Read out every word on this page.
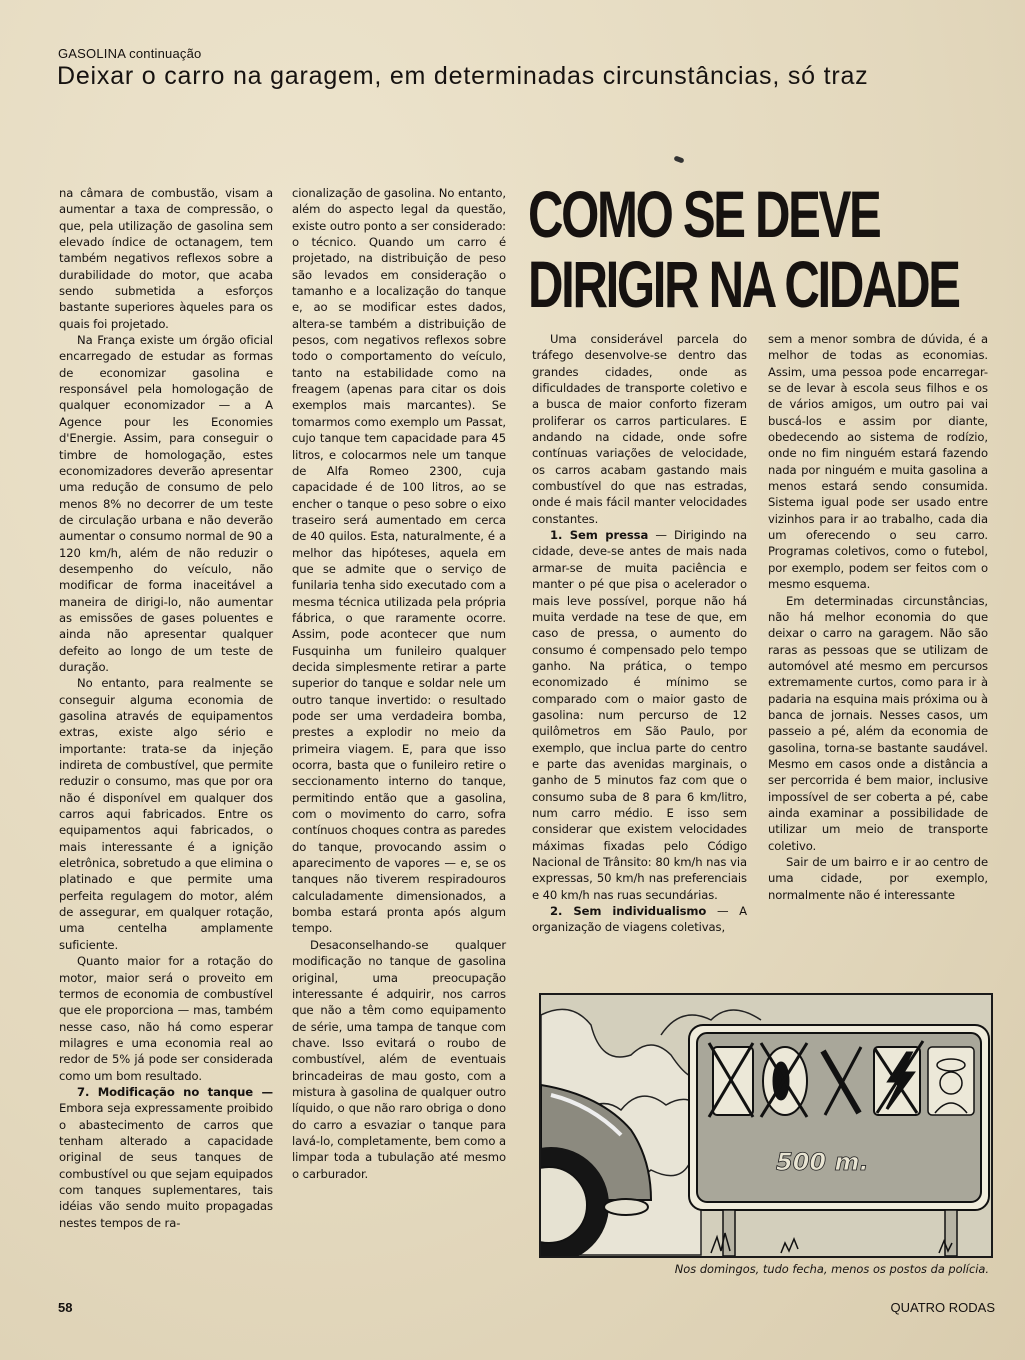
GASOLINA continuação
Deixar o carro na garagem, em determinadas circunstâncias, só traz

na câmara de combustão, visam a aumentar a taxa de compressão, o que, pela utilização de gasolina sem elevado índice de octanagem, tem também negativos reflexos sobre a durabilidade do motor, que acaba sendo submetida a esforços bastante superiores àqueles para os quais foi projetado.

Na França existe um órgão oficial encarregado de estudar as formas de economizar gasolina e responsável pela homologação de qualquer economizador — a A Agence pour les Economies d'Energie. Assim, para conseguir o timbre de homologação, estes economizadores deverão apresentar uma redução de consumo de pelo menos 8% no decorrer de um teste de circulação urbana e não deverão aumentar o consumo normal de 90 a 120 km/h, além de não reduzir o desempenho do veículo, não modificar de forma inaceitável a maneira de dirigi-lo, não aumentar as emissões de gases poluentes e ainda não apresentar qualquer defeito ao longo de um teste de duração.

No entanto, para realmente se conseguir alguma economia de gasolina através de equipamentos extras, existe algo sério e importante: trata-se da injeção indireta de combustível, que permite reduzir o consumo, mas que por ora não é disponível em qualquer dos carros aqui fabricados. Entre os equipamentos aqui fabricados, o mais interessante é a ignição eletrônica, sobretudo a que elimina o platinado e que permite uma perfeita regulagem do motor, além de assegurar, em qualquer rotação, uma centelha amplamente suficiente.

Quanto maior for a rotação do motor, maior será o proveito em termos de economia de combustível que ele proporciona — mas, também nesse caso, não há como esperar milagres e uma economia real ao redor de 5% já pode ser considerada como um bom resultado.

7. Modificação no tanque — Embora seja expressamente proibido o abastecimento de carros que tenham alterado a capacidade original de seus tanques de combustível ou que sejam equipados com tanques suplementares, tais idéias vão sendo muito propagadas nestes tempos de ra-

cionalização de gasolina. No entanto, além do aspecto legal da questão, existe outro ponto a ser considerado: o técnico. Quando um carro é projetado, na distribuição de peso são levados em consideração o tamanho e a localização do tanque e, ao se modificar estes dados, altera-se também a distribuição de pesos, com negativos reflexos sobre todo o comportamento do veículo, tanto na estabilidade como na freagem (apenas para citar os dois exemplos mais marcantes). Se tomarmos como exemplo um Passat, cujo tanque tem capacidade para 45 litros, e colocarmos nele um tanque de Alfa Romeo 2300, cuja capacidade é de 100 litros, ao se encher o tanque o peso sobre o eixo traseiro será aumentado em cerca de 40 quilos. Esta, naturalmente, é a melhor das hipóteses, aquela em que se admite que o serviço de funilaria tenha sido executado com a mesma técnica utilizada pela própria fábrica, o que raramente ocorre. Assim, pode acontecer que num Fusquinha um funileiro qualquer decida simplesmente retirar a parte superior do tanque e soldar nele um outro tanque invertido: o resultado pode ser uma verdadeira bomba, prestes a explodir no meio da primeira viagem. E, para que isso ocorra, basta que o funileiro retire o seccionamento interno do tanque, permitindo então que a gasolina, com o movimento do carro, sofra contínuos choques contra as paredes do tanque, provocando assim o aparecimento de vapores — e, se os tanques não tiverem respiradouros calculadamente dimensionados, a bomba estará pronta após algum tempo.

Desaconselhando-se qualquer modificação no tanque de gasolina original, uma preocupação interessante é adquirir, nos carros que não a têm como equipamento de série, uma tampa de tanque com chave. Isso evitará o roubo de combustível, além de eventuais brincadeiras de mau gosto, com a mistura à gasolina de qualquer outro líquido, o que não raro obriga o dono do carro a esvaziar o tanque para lavá-lo, completamente, bem como a limpar toda a tubulação até mesmo o carburador.

COMO SE DEVE
DIRIGIR NA CIDADE

Uma considerável parcela do tráfego desenvolve-se dentro das grandes cidades, onde as dificuldades de transporte coletivo e a busca de maior conforto fizeram proliferar os carros particulares. E andando na cidade, onde sofre contínuas variações de velocidade, os carros acabam gastando mais combustível do que nas estradas, onde é mais fácil manter velocidades constantes.

1. Sem pressa — Dirigindo na cidade, deve-se antes de mais nada armar-se de muita paciência e manter o pé que pisa o acelerador o mais leve possível, porque não há muita verdade na tese de que, em caso de pressa, o aumento do consumo é compensado pelo tempo ganho. Na prática, o tempo economizado é mínimo se comparado com o maior gasto de gasolina: num percurso de 12 quilômetros em São Paulo, por exemplo, que inclua parte do centro e parte das avenidas marginais, o ganho de 5 minutos faz com que o consumo suba de 8 para 6 km/litro, num carro médio. E isso sem considerar que existem velocidades máximas fixadas pelo Código Nacional de Trânsito: 80 km/h nas via expressas, 50 km/h nas preferenciais e 40 km/h nas ruas secundárias.

2. Sem individualismo — A organização de viagens coletivas,

sem a menor sombra de dúvida, é a melhor de todas as economias. Assim, uma pessoa pode encarregar-se de levar à escola seus filhos e os de vários amigos, um outro pai vai buscá-los e assim por diante, obedecendo ao sistema de rodízio, onde no fim ninguém estará fazendo nada por ninguém e muita gasolina a menos estará sendo consumida. Sistema igual pode ser usado entre vizinhos para ir ao trabalho, cada dia um oferecendo o seu carro. Programas coletivos, como o futebol, por exemplo, podem ser feitos com o mesmo esquema.

Em determinadas circunstâncias, não há melhor economia do que deixar o carro na garagem. Não são raras as pessoas que se utilizam de automóvel até mesmo em percursos extremamente curtos, como para ir à padaria na esquina mais próxima ou à banca de jornais. Nesses casos, um passeio a pé, além da economia de gasolina, torna-se bastante saudável. Mesmo em casos onde a distância a ser percorrida é bem maior, inclusive impossível de ser coberta a pé, cabe ainda examinar a possibilidade de utilizar um meio de transporte coletivo.

Sair de um bairro e ir ao centro de uma cidade, por exemplo, normalmente não é interessante

500 m.
Nos domingos, tudo fecha, menos os postos da polícia.
58	QUATRO RODAS
